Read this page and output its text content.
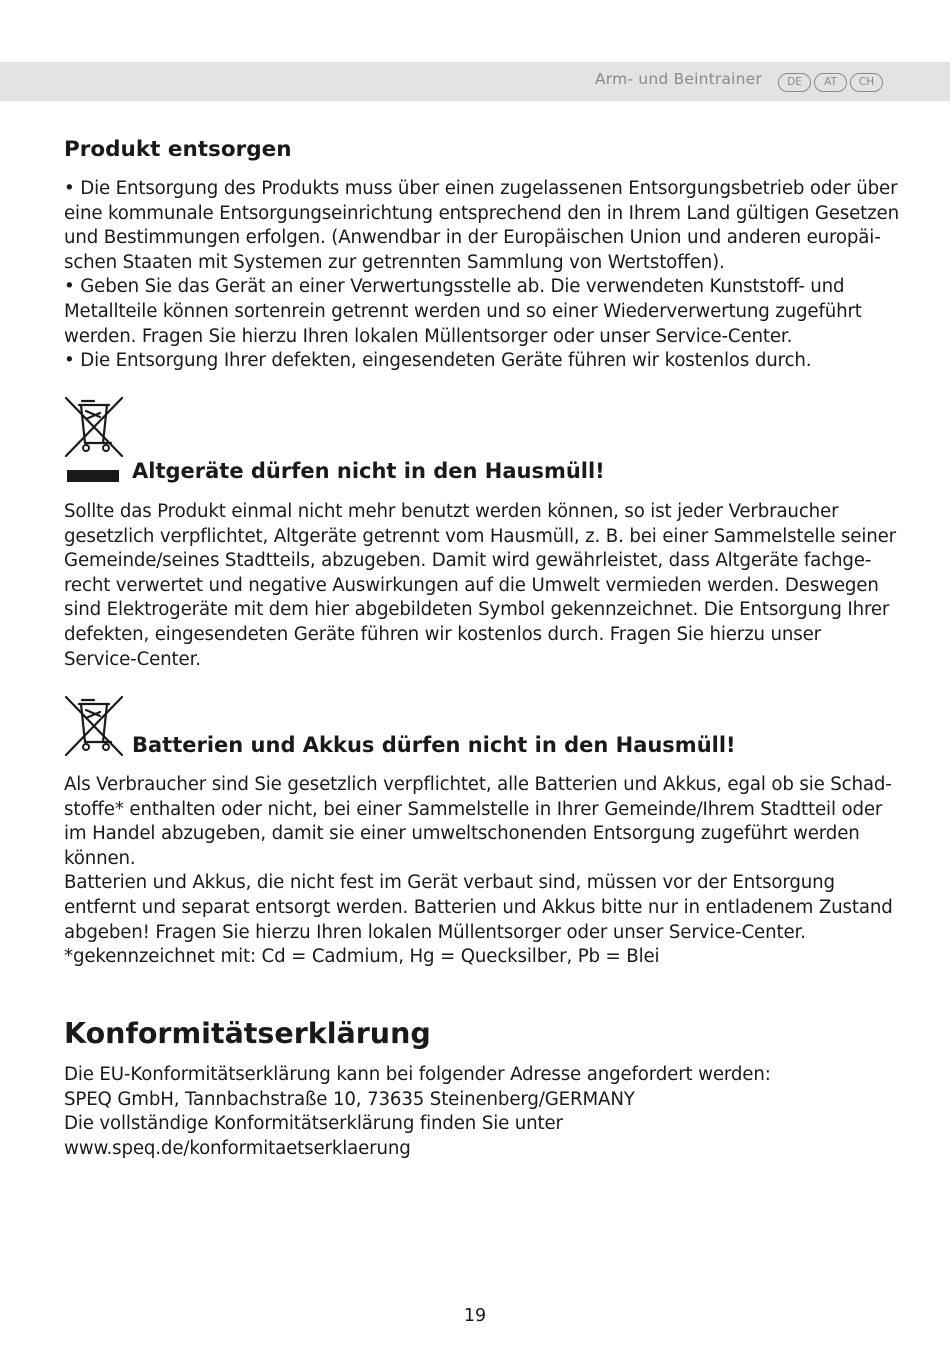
Arm- und Beintrainer	DE	AT	CH
Produkt entsorgen
• Die Entsorgung des Produkts muss über einen zugelassenen Entsorgungsbetrieb oder über
eine kommunale Entsorgungseinrichtung entsprechend den in Ihrem Land gültigen Gesetzen
und Bestimmungen erfolgen. (Anwendbar in der Europäischen Union und anderen europäi-
schen Staaten mit Systemen zur getrennten Sammlung von Wertstoffen).
• Geben Sie das Gerät an einer Verwertungsstelle ab. Die verwendeten Kunststoff- und
Metallteile können sortenrein getrennt werden und so einer Wiederverwertung zugeführt
werden. Fragen Sie hierzu Ihren lokalen Müllentsorger oder unser Service-Center.
• Die Entsorgung Ihrer defekten, eingesendeten Geräte führen wir kostenlos durch.
Altgeräte dürfen nicht in den Hausmüll!
Sollte das Produkt einmal nicht mehr benutzt werden können, so ist jeder Verbraucher
gesetzlich verpflichtet, Altgeräte getrennt vom Hausmüll, z. B. bei einer Sammelstelle seiner
Gemeinde/seines Stadtteils, abzugeben. Damit wird gewährleistet, dass Altgeräte fachge-
recht verwertet und negative Auswirkungen auf die Umwelt vermieden werden. Deswegen
sind Elektrogeräte mit dem hier abgebildeten Symbol gekennzeichnet. Die Entsorgung Ihrer
defekten, eingesendeten Geräte führen wir kostenlos durch. Fragen Sie hierzu unser
Service-Center.
Batterien und Akkus dürfen nicht in den Hausmüll!
Als Verbraucher sind Sie gesetzlich verpflichtet, alle Batterien und Akkus, egal ob sie Schad-
stoffe* enthalten oder nicht, bei einer Sammelstelle in Ihrer Gemeinde/Ihrem Stadtteil oder
im Handel abzugeben, damit sie einer umweltschonenden Entsorgung zugeführt werden
können.
Batterien und Akkus, die nicht fest im Gerät verbaut sind, müssen vor der Entsorgung
entfernt und separat entsorgt werden. Batterien und Akkus bitte nur in entladenem Zustand
abgeben! Fragen Sie hierzu Ihren lokalen Müllentsorger oder unser Service-Center.
*gekennzeichnet mit: Cd = Cadmium, Hg = Quecksilber, Pb = Blei
Konformitätserklärung
Die EU-Konformitätserklärung kann bei folgender Adresse angefordert werden:
SPEQ GmbH, Tannbachstraße 10, 73635 Steinenberg/GERMANY
Die vollständige Konformitätserklärung finden Sie unter
www.speq.de/konformitaetserklaerung
19
